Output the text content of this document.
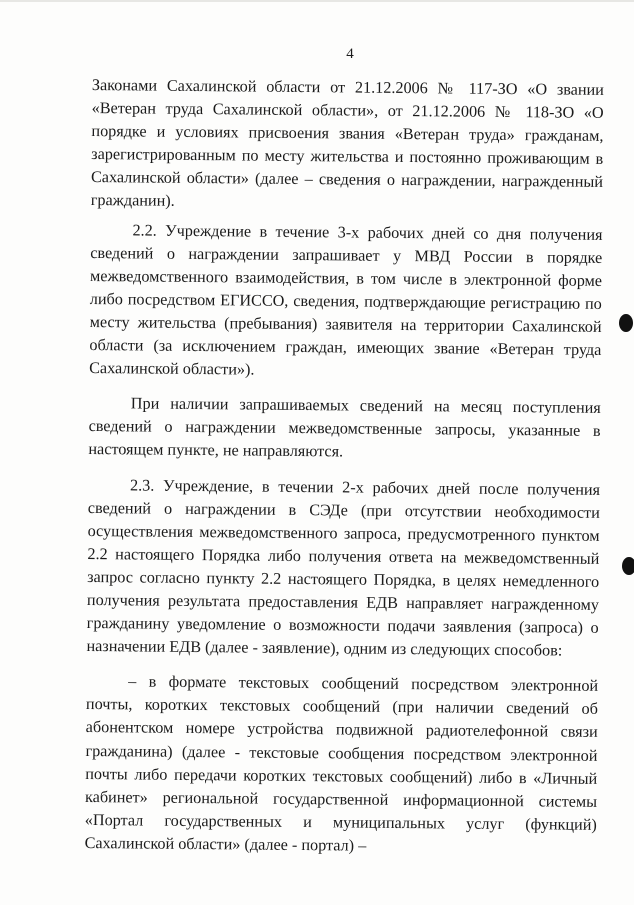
4

Законами Сахалинской области от 21.12.2006 № 117-ЗО «О звании «Ветеран труда Сахалинской области», от 21.12.2006 № 118-ЗО «О порядке и условиях присвоения звания «Ветеран труда» гражданам, зарегистрированным по месту жительства и постоянно проживающим в Сахалинской области» (далее – сведения о награждении, награжденный гражданин).

2.2. Учреждение в течение 3-х рабочих дней со дня получения сведений о награждении запрашивает у МВД России в порядке межведомственного взаимодействия, в том числе в электронной форме либо посредством ЕГИССО, сведения, подтверждающие регистрацию по месту жительства (пребывания) заявителя на территории Сахалинской области (за исключением граждан, имеющих звание «Ветеран труда Сахалинской области»).

При наличии запрашиваемых сведений на месяц поступления сведений о награждении межведомственные запросы, указанные в настоящем пункте, не направляются.

2.3. Учреждение, в течении 2-х рабочих дней после получения сведений о награждении в СЭДе (при отсутствии необходимости осуществления межведомственного запроса, предусмотренного пунктом 2.2 настоящего Порядка либо получения ответа на межведомственный запрос согласно пункту 2.2 настоящего Порядка, в целях немедленного получения результата предоставления ЕДВ направляет награжденному гражданину уведомление о возможности подачи заявления (запроса) о назначении ЕДВ (далее - заявление), одним из следующих способов:

– в формате текстовых сообщений посредством электронной почты, коротких текстовых сообщений (при наличии сведений об абонентском номере устройства подвижной радиотелефонной связи гражданина) (далее - текстовые сообщения посредством электронной почты либо передачи коротких текстовых сообщений) либо в «Личный кабинет» региональной государственной информационной системы «Портал государственных и муниципальных услуг (функций) Сахалинской области» (далее - портал) –
